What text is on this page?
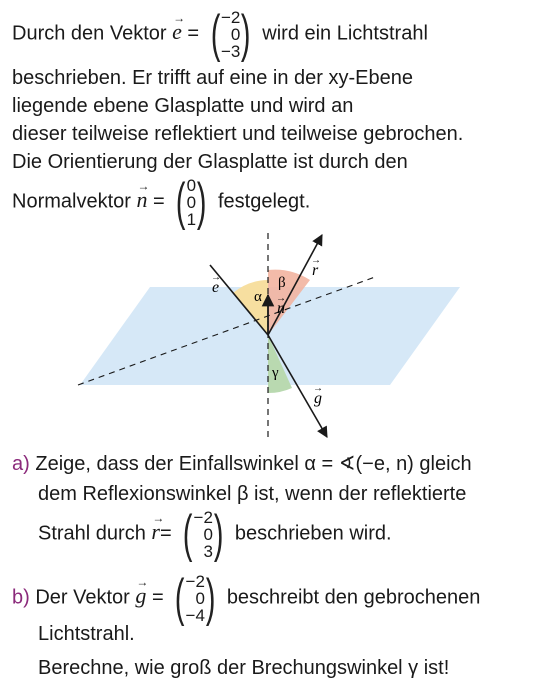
Durch den Vektor → e = ( −2
0
−3 ) wird ein Lichtstrahl
beschrieben. Er trifft auf eine in der xy-Ebene
liegende ebene Glasplatte und wird an
dieser teilweise reflektiert und teilweise gebrochen.
Die Orientierung der Glasplatte ist durch den
Normalvektor → n = ( 0
0
1 ) festgelegt.
e
→
α
β
n
→
r
→
γ
g
→
a) Zeige, dass der Einfallswinkel α = ∢(−e, n) gleich
dem Reflexionswinkel β ist, wenn der reflektierte
Strahl durch → r= ( −2
0
3 ) beschrieben wird.
b) Der Vektor → g = ( −2
0
−4 ) beschreibt den gebrochenen
Lichtstrahl.
Berechne, wie groß der Brechungswinkel γ ist!
